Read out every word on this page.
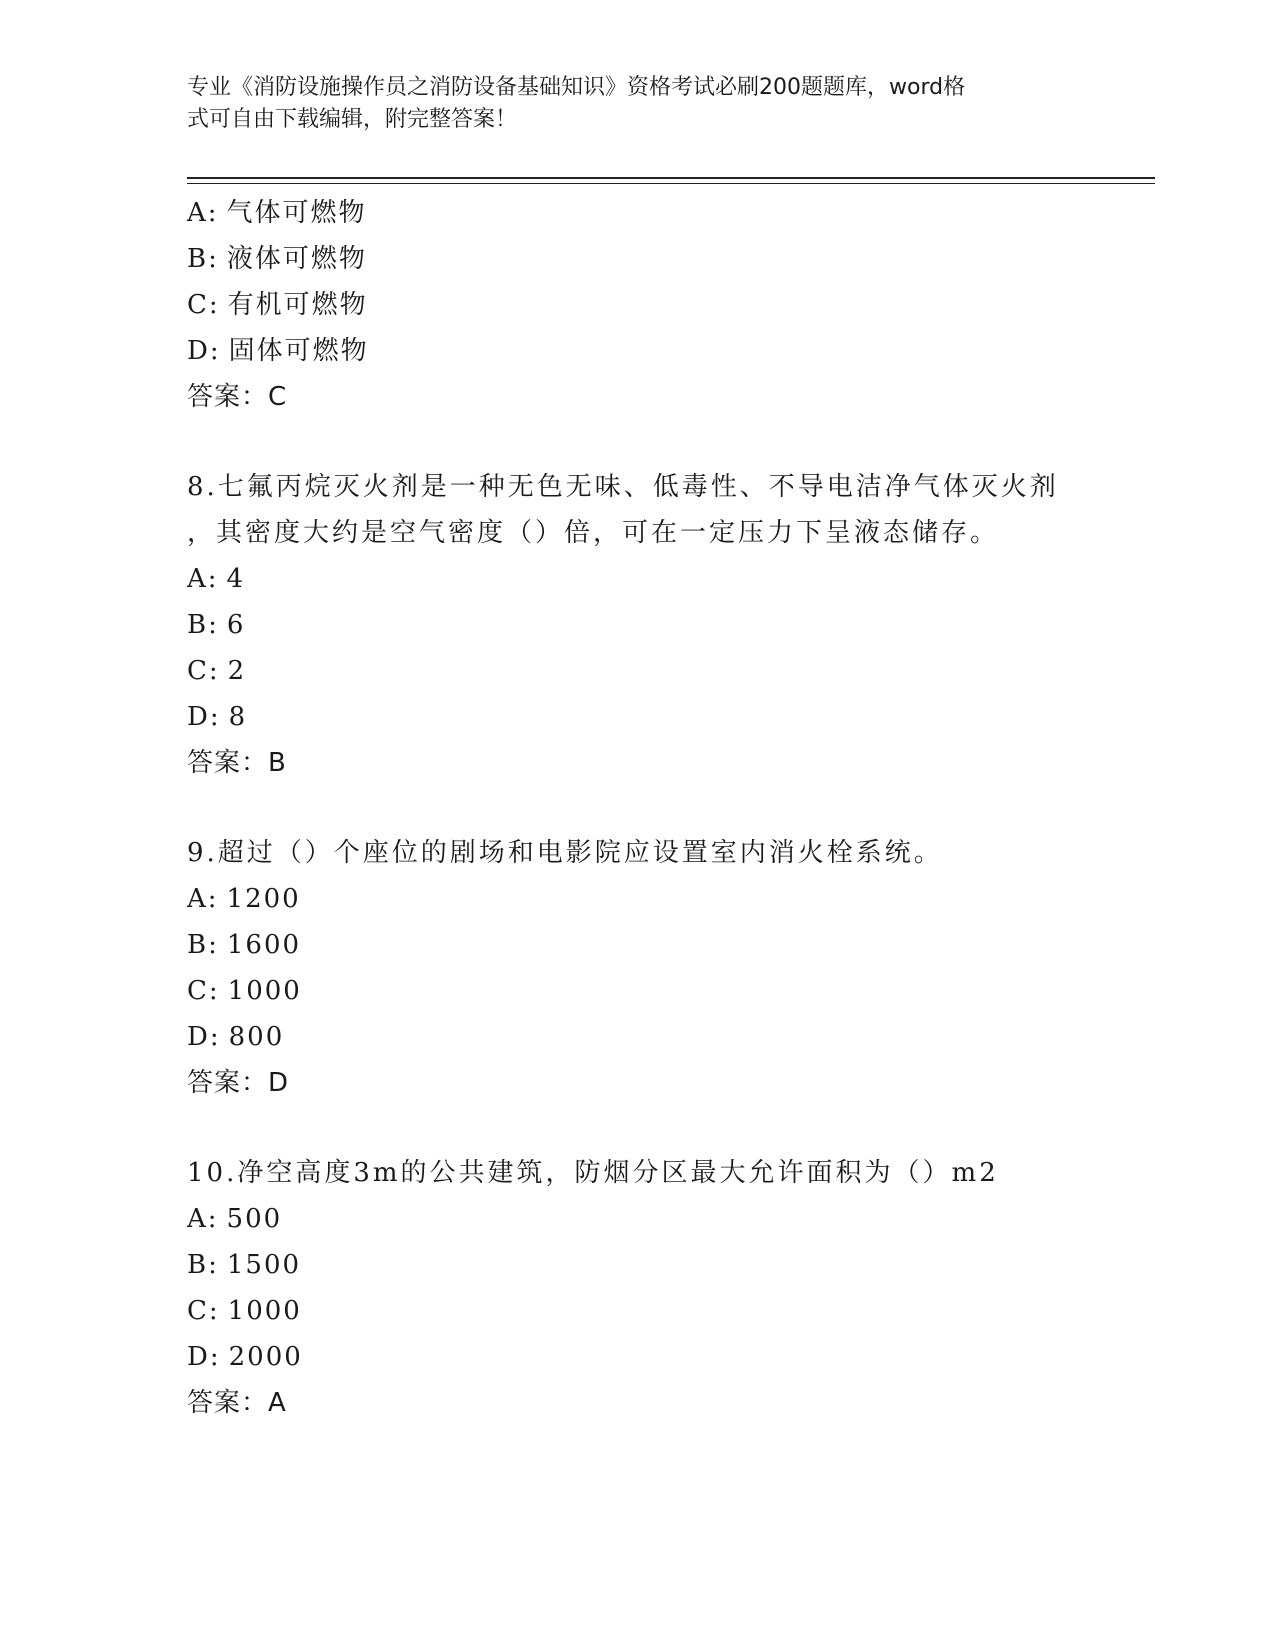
专业《消防设施操作员之消防设备基础知识》资格考试必刷200题题库，word格
式可自由下载编辑，附完整答案！
A: 气体可燃物
B: 液体可燃物
C: 有机可燃物
D: 固体可燃物
答案：C
8.七氟丙烷灭火剂是一种无色无味、低毒性、不导电洁净气体灭火剂
，其密度大约是空气密度（）倍，可在一定压力下呈液态储存。
A: 4
B: 6
C: 2
D: 8
答案：B
9.超过（）个座位的剧场和电影院应设置室内消火栓系统。
A: 1200
B: 1600
C: 1000
D: 800
答案：D
10.净空高度3m的公共建筑，防烟分区最大允许面积为（）m2
A: 500
B: 1500
C: 1000
D: 2000
答案：A
